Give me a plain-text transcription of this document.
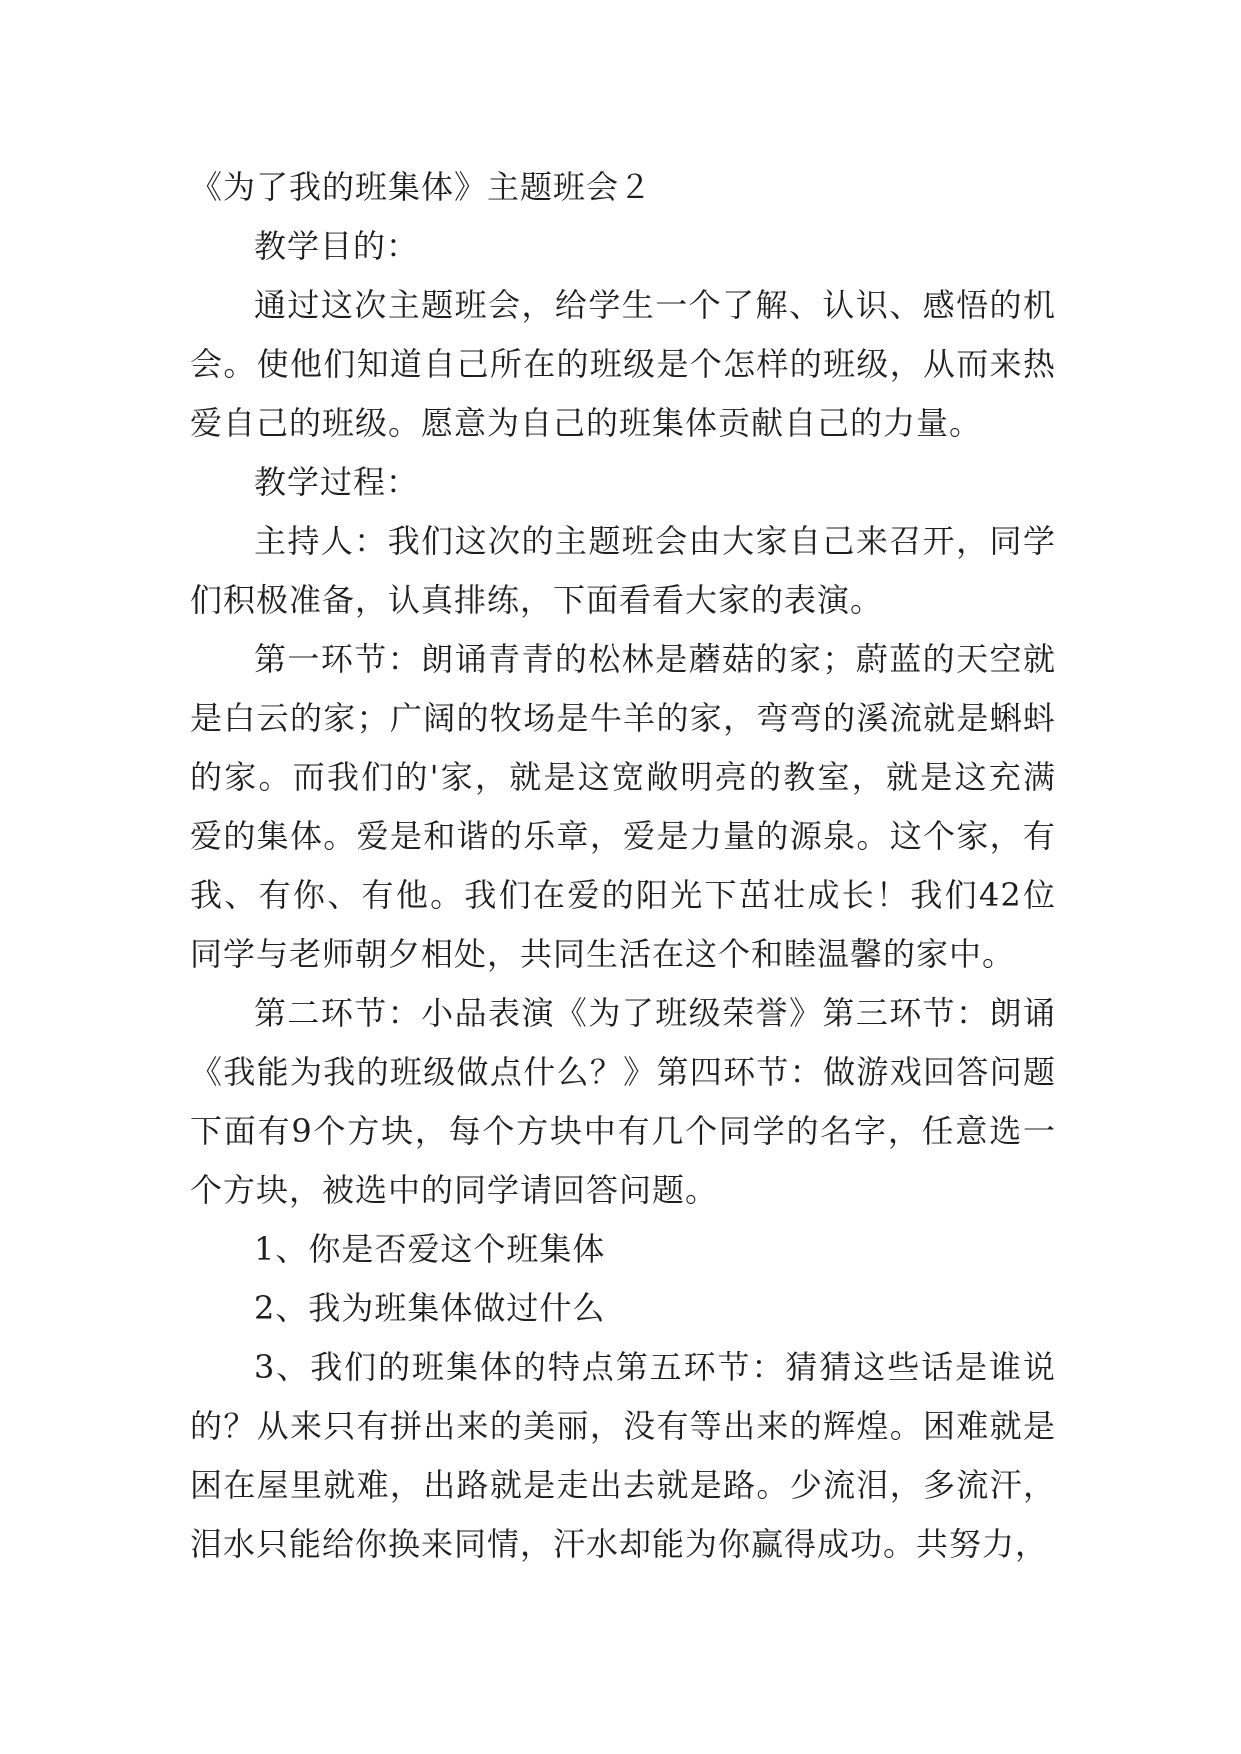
《为了我的班集体》主题班会２

教学目的：

通过这次主题班会，给学生一个了解、认识、感悟的机会。使他们知道自己所在的班级是个怎样的班级，从而来热爱自己的班级。愿意为自己的班集体贡献自己的力量。

教学过程：

主持人：我们这次的主题班会由大家自己来召开，同学们积极准备，认真排练，下面看看大家的表演。

第一环节：朗诵青青的松林是蘑菇的家；蔚蓝的天空就是白云的家；广阔的牧场是牛羊的家，弯弯的溪流就是蝌蚪的家。而我们的'家，就是这宽敞明亮的教室，就是这充满爱的集体。爱是和谐的乐章，爱是力量的源泉。这个家，有我、有你、有他。我们在爱的阳光下茁壮成长！我们42位同学与老师朝夕相处，共同生活在这个和睦温馨的家中。

第二环节：小品表演《为了班级荣誉》第三环节：朗诵《我能为我的班级做点什么？》第四环节：做游戏回答问题下面有9个方块，每个方块中有几个同学的名字，任意选一个方块，被选中的同学请回答问题。

1、你是否爱这个班集体

2、我为班集体做过什么

3、我们的班集体的特点第五环节：猜猜这些话是谁说的？从来只有拼出来的美丽，没有等出来的辉煌。困难就是困在屋里就难，出路就是走出去就是路。少流泪，多流汗，泪水只能给你换来同情，汗水却能为你赢得成功。共努力，
